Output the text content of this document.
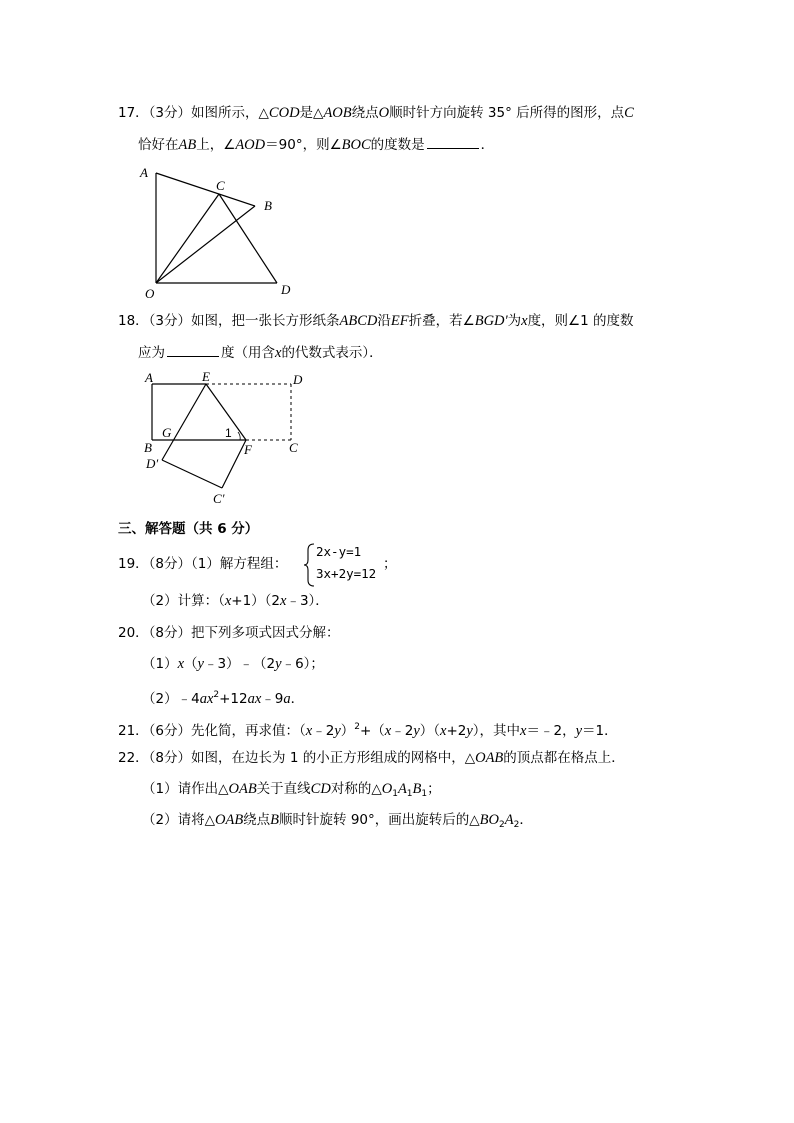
17．（3分）如图所示，△COD是△AOB绕点O顺时针方向旋转 35° 后所得的图形，点C
恰好在AB上，∠AOD＝90°，则∠BOC的度数是	．
A
C
B
O	D
18．（3分）如图，把一张长方形纸条ABCD沿EF折叠，若∠BGD'为x度，则∠1 的度数
应为	度（用含x的代数式表示）．
A	E	D
B
G	1
F	C
D′
C′
三、解答题（共 6 分）
19．（8分）（1）解方程组：
2x-y=1
3x+2y=12
；
（2）计算：（x+1）（2x﹣3）．
20．（8分）把下列多项式因式分解：
（1）x（y﹣3）﹣（2y﹣6）；
$(2)﹣4ax^2+12ax﹣9a$．
21．（6分）先化简，再求值：（x﹣2y）$^2$+（x﹣2y）（x+2y），其中x＝﹣2，y＝1．
22．（8分）如图，在边长为 1 的小正方形组成的网格中，△OAB的顶点都在格点上．
（1）请作出△OAB关于直线CD对称的$\triangle O_1A_1B_1$；
（2）请将△OAB绕点B顺时针旋转 90°，画出旋转后的$\triangle BO_2A_2$．
